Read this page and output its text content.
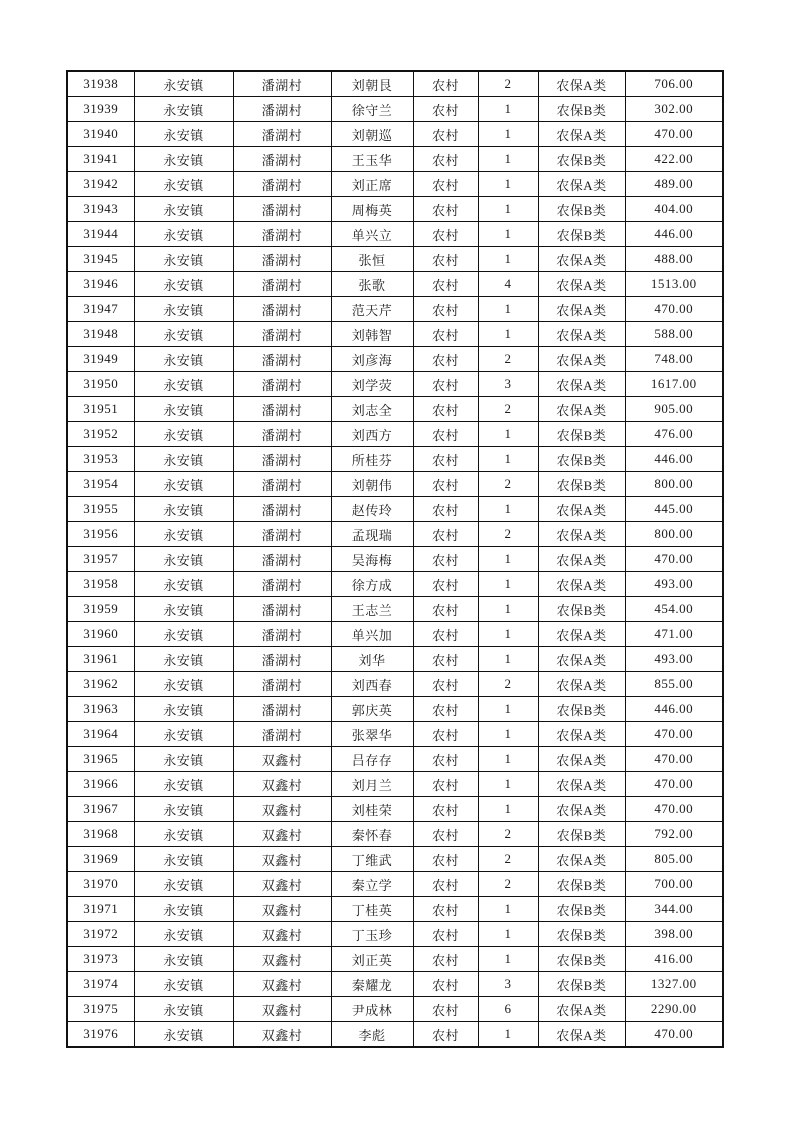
31938	永安镇	潘湖村	刘朝艮	农村	2	农保A类	706.00
31939	永安镇	潘湖村	徐守兰	农村	1	农保B类	302.00
31940	永安镇	潘湖村	刘朝巡	农村	1	农保A类	470.00
31941	永安镇	潘湖村	王玉华	农村	1	农保B类	422.00
31942	永安镇	潘湖村	刘正席	农村	1	农保A类	489.00
31943	永安镇	潘湖村	周梅英	农村	1	农保B类	404.00
31944	永安镇	潘湖村	单兴立	农村	1	农保B类	446.00
31945	永安镇	潘湖村	张恒	农村	1	农保A类	488.00
31946	永安镇	潘湖村	张歌	农村	4	农保A类	1513.00
31947	永安镇	潘湖村	范天芹	农村	1	农保A类	470.00
31948	永安镇	潘湖村	刘韩智	农村	1	农保A类	588.00
31949	永安镇	潘湖村	刘彦海	农村	2	农保A类	748.00
31950	永安镇	潘湖村	刘学荧	农村	3	农保A类	1617.00
31951	永安镇	潘湖村	刘志全	农村	2	农保A类	905.00
31952	永安镇	潘湖村	刘西方	农村	1	农保B类	476.00
31953	永安镇	潘湖村	所桂芬	农村	1	农保B类	446.00
31954	永安镇	潘湖村	刘朝伟	农村	2	农保B类	800.00
31955	永安镇	潘湖村	赵传玲	农村	1	农保A类	445.00
31956	永安镇	潘湖村	孟现瑞	农村	2	农保A类	800.00
31957	永安镇	潘湖村	吴海梅	农村	1	农保A类	470.00
31958	永安镇	潘湖村	徐方成	农村	1	农保A类	493.00
31959	永安镇	潘湖村	王志兰	农村	1	农保B类	454.00
31960	永安镇	潘湖村	单兴加	农村	1	农保A类	471.00
31961	永安镇	潘湖村	刘华	农村	1	农保A类	493.00
31962	永安镇	潘湖村	刘西春	农村	2	农保A类	855.00
31963	永安镇	潘湖村	郭庆英	农村	1	农保B类	446.00
31964	永安镇	潘湖村	张翠华	农村	1	农保A类	470.00
31965	永安镇	双鑫村	吕存存	农村	1	农保A类	470.00
31966	永安镇	双鑫村	刘月兰	农村	1	农保A类	470.00
31967	永安镇	双鑫村	刘桂荣	农村	1	农保A类	470.00
31968	永安镇	双鑫村	秦怀春	农村	2	农保B类	792.00
31969	永安镇	双鑫村	丁维武	农村	2	农保A类	805.00
31970	永安镇	双鑫村	秦立学	农村	2	农保B类	700.00
31971	永安镇	双鑫村	丁桂英	农村	1	农保B类	344.00
31972	永安镇	双鑫村	丁玉珍	农村	1	农保B类	398.00
31973	永安镇	双鑫村	刘正英	农村	1	农保B类	416.00
31974	永安镇	双鑫村	秦耀龙	农村	3	农保B类	1327.00
31975	永安镇	双鑫村	尹成林	农村	6	农保A类	2290.00
31976	永安镇	双鑫村	李彪	农村	1	农保A类	470.00
